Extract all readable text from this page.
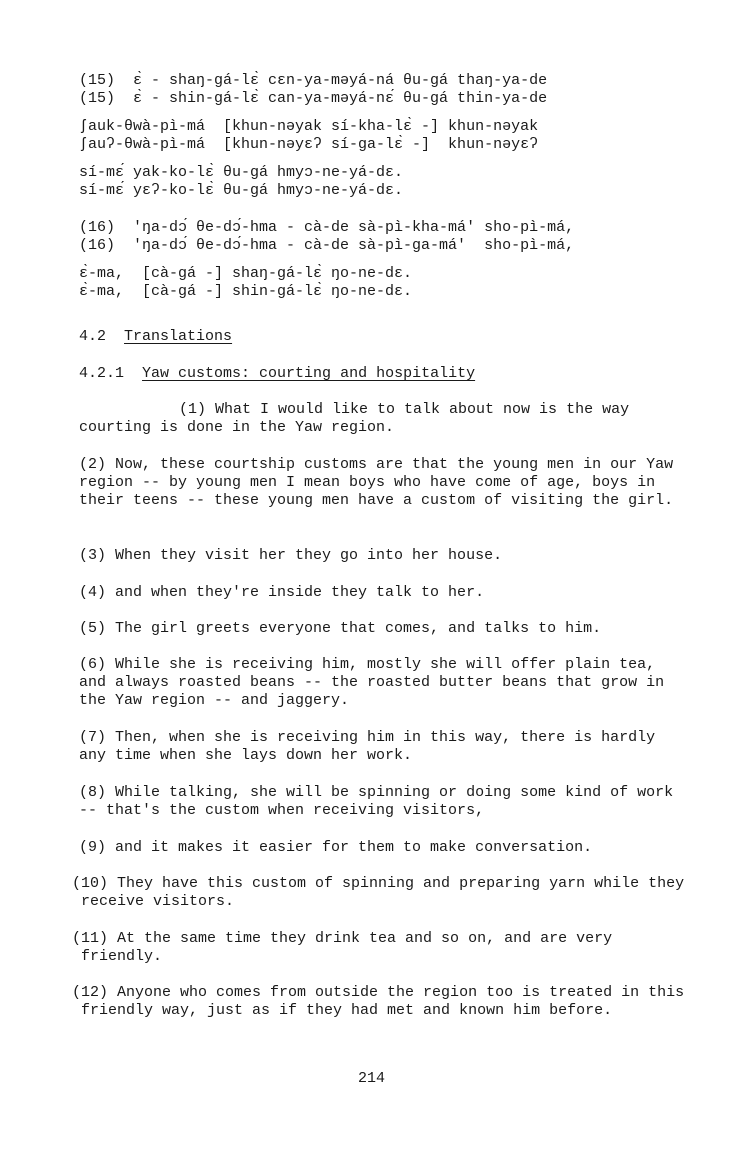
(15)  ɛ̀ - shaŋ-gá-lɛ̀ cɛn-ya-məyá-ná θu-gá thaŋ-ya-de
(15)  ɛ̀ - shin-gá-lɛ̀ can-ya-məyá-nɛ́ θu-gá thin-ya-de
ʃauk-θwà-pì-má  [khun-nəyak sí-kha-lɛ̀ -] khun-nəyak
ʃauʔ-θwà-pì-má  [khun-nəyɛʔ sí-ga-lɛ̀ -]  khun-nəyɛʔ
sí-mɛ́ yak-ko-lɛ̀ θu-gá hmyɔ-ne-yá-dɛ.
sí-mɛ́ yɛʔ-ko-lɛ̀ θu-gá hmyɔ-ne-yá-dɛ.
(16)  'ŋa-dɔ́ θe-dɔ́-hma - cà-de sà-pì-kha-má' sho-pì-má,
(16)  'ŋa-dɔ́ θe-dɔ́-hma - cà-de sà-pì-ga-má'  sho-pì-má,
ɛ̀-ma,  [cà-gá -] shaŋ-gá-lɛ̀ ŋo-ne-dɛ.
ɛ̀-ma,  [cà-gá -] shin-gá-lɛ̀ ŋo-ne-dɛ.
4.2 Translations
4.2.1 Yaw customs: courting and hospitality

(1) What I would like to talk about now is the way courting is done in the Yaw region.

(2) Now, these courtship customs are that the young men in our Yaw region -- by young men I mean boys who have come of age, boys in their teens -- these young men have a custom of visiting the girl.

(3) When they visit her they go into her house.

(4) and when they're inside they talk to her.

(5) The girl greets everyone that comes, and talks to him.

(6) While she is receiving him, mostly she will offer plain tea, and always roasted beans -- the roasted butter beans that grow in the Yaw region -- and jaggery.

(7) Then, when she is receiving him in this way, there is hardly any time when she lays down her work.

(8) While talking, she will be spinning or doing some kind of work -- that's the custom when receiving visitors,

(9) and it makes it easier for them to make conversation.

(10) They have this custom of spinning and preparing yarn while they receive visitors.

(11) At the same time they drink tea and so on, and are very friendly.

(12) Anyone who comes from outside the region too is treated in this friendly way, just as if they had met and known him before.

214
